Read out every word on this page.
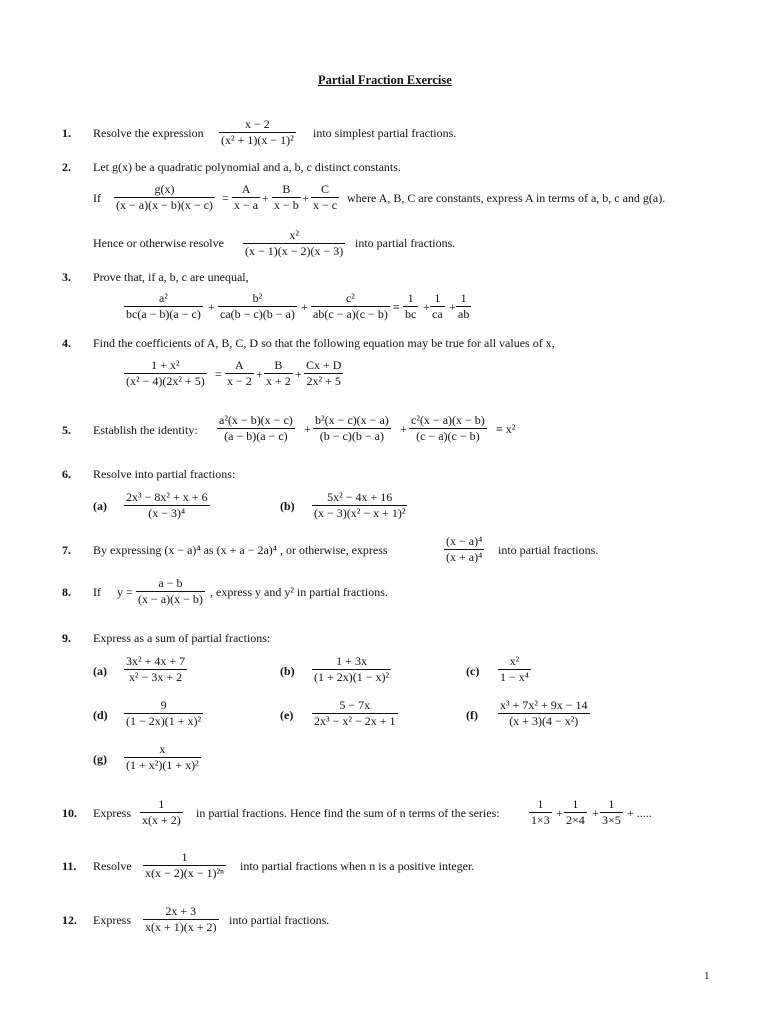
Partial Fraction Exercise
1. Resolve the expression $\frac{x - 2}{\text{(x² + 1)(x − 1)²}}$ into simplest partial fractions.
2. Let g(x) be a quadratic polynomial and a, b, c distinct constants.
If $\frac{g(x)}{(x - a)(x - b)(x - c)} = \frac{A}{x - a} + \frac{B}{x - b} + \frac{C}{x - c}$ where A, B, C are constants, express A in terms of a, b, c and g(a).
Hence or otherwise resolve $\frac{\text{x²}}{(x - 1)(x - 2)(x - 3)}$ into partial fractions.
3. Prove that, if a, b, c are unequal,
$\frac{\text{a²}}{bc(a - b)(a - c)} + \frac{\text{b²}}{ca(b - c)(b - a)} + \frac{\text{c²}}{ab(c - a)(c - b)} \equiv \frac{1}{bc} + \frac{1}{ca} + \frac{1}{ab}$
4. Find the coefficients of A, B, C, D so that the following equation may be true for all values of x,
$\frac{\text{1 + x²}}{\text{(x² − 4)(2x² + 5)}} = \frac{A}{x - 2} + \frac{B}{x + 2} + \frac{Cx + D}{\text{2x² + 5}}$
5. Establish the identity: $\frac{\text{a²(x − b)(x − c)}}{(a - b)(a - c)} + \frac{\text{b²(x − c)(x − a)}}{(b - c)(b - a)} + \frac{\text{c²(x − a)(x − b)}}{(c - a)(c - b)} \equiv x^2$
6. Resolve into partial fractions:
$(a) \frac{\text{2x³ − 8x² + x + 6}}{\text{(x − 3)⁴}}$	$(b) \frac{\text{5x² − 4x + 16}}{\text{(x − 3)(x² − x + 1)²}}$
7. By expressing (x − a)⁴ as (x + a − 2a)⁴ , or otherwise, express	$\frac{\text{(x − a)⁴}}{\text{(x + a)⁴}}$ into partial fractions.
8. If $y = \frac{a - b}{(x - a)(x - b)}$ , express y and y² in partial fractions.
9. Express as a sum of partial fractions:
$(a) \frac{\text{3x² + 4x + 7}}{\text{x² − 3x + 2}}$	$(b) \frac{1 + 3x}{\text{(1 + 2x)(1 − x)²}}$	$(c) \frac{\text{x²}}{\text{1 − x⁴}}$
$(d) \frac{9}{\text{(1 − 2x)(1 + x)²}}$	$(e) \frac{5 - 7x}{\text{2x³ − x² − 2x + 1}}$	$(f) \frac{\text{x³ + 7x² + 9x − 14}}{\text{(x + 3)(4 − x²)}}$
$(g) \frac{x}{\text{(1 + x²)(1 + x)²}}$
10. Express $\frac{1}{x(x + 2)}$ in partial fractions. Hence find the sum of n terms of the series: $\frac{1}{1\times 3} + \frac{1}{2\times 4} + \frac{1}{3\times 5}$ + .....
11. Resolve $\frac{1}{\text{x(x − 2)(x − 1)²ⁿ}}$ into partial fractions when n is a positive integer.
12. Express $\frac{2x + 3}{x(x + 1)(x + 2)}$ into partial fractions.
1
